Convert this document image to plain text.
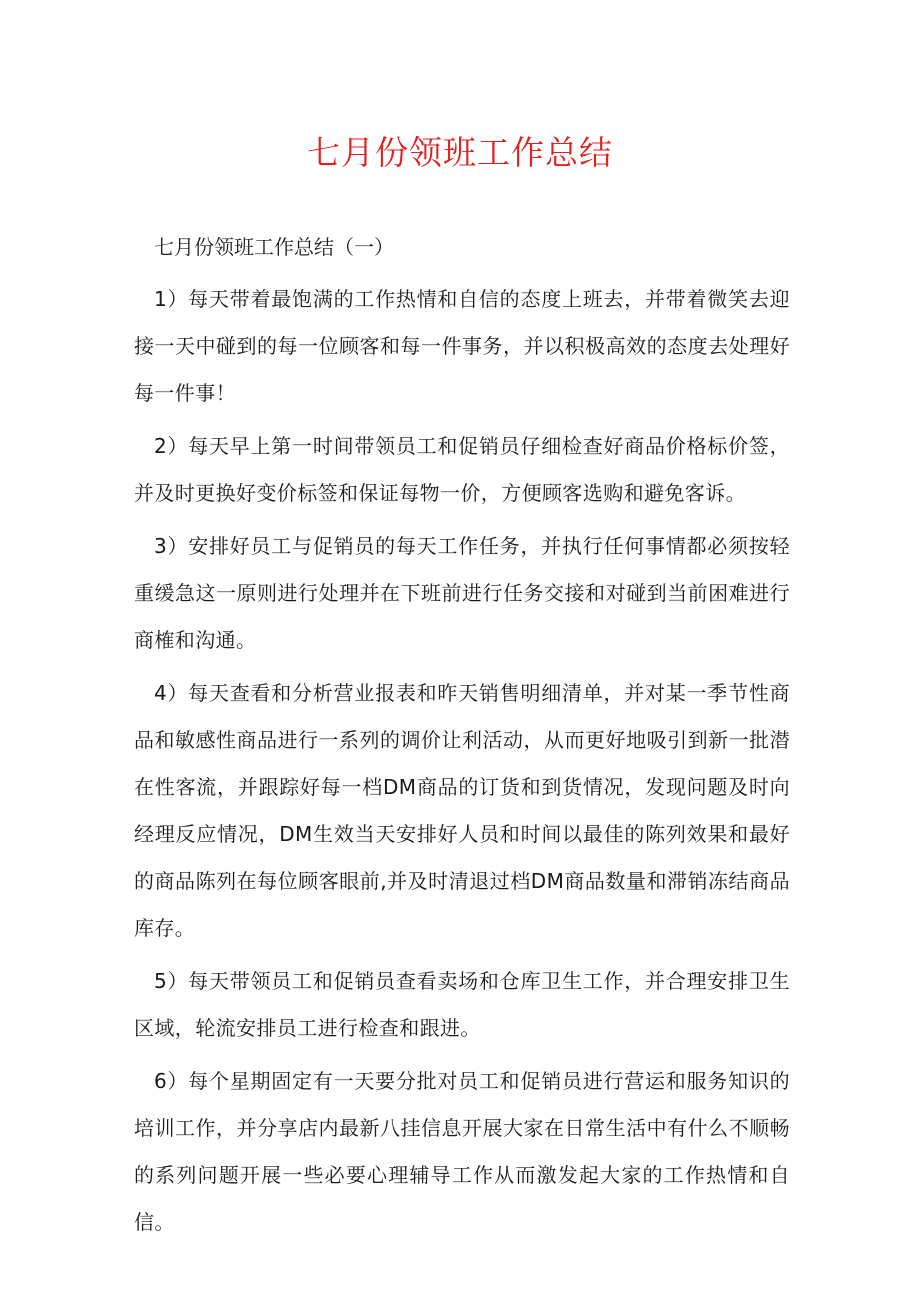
七月份领班工作总结

七月份领班工作总结（一）

1）每天带着最饱满的工作热情和自信的态度上班去，并带着微笑去迎接一天中碰到的每一位顾客和每一件事务，并以积极高效的态度去处理好每一件事！

2）每天早上第一时间带领员工和促销员仔细检查好商品价格标价签，并及时更换好变价标签和保证每物一价，方便顾客选购和避免客诉。

3）安排好员工与促销员的每天工作任务，并执行任何事情都必须按轻重缓急这一原则进行处理并在下班前进行任务交接和对碰到当前困难进行商榷和沟通。

4）每天查看和分析营业报表和昨天销售明细清单，并对某一季节性商品和敏感性商品进行一系列的调价让利活动，从而更好地吸引到新一批潜在性客流，并跟踪好每一档DM商品的订货和到货情况，发现问题及时向经理反应情况，DM生效当天安排好人员和时间以最佳的陈列效果和最好的商品陈列在每位顾客眼前,并及时清退过档DM商品数量和滞销冻结商品库存。

5）每天带领员工和促销员查看卖场和仓库卫生工作，并合理安排卫生区域，轮流安排员工进行检查和跟进。

6）每个星期固定有一天要分批对员工和促销员进行营运和服务知识的培训工作，并分享店内最新八挂信息开展大家在日常生活中有什么不顺畅的系列问题开展一些必要心理辅导工作从而激发起大家的工作热情和自信。
